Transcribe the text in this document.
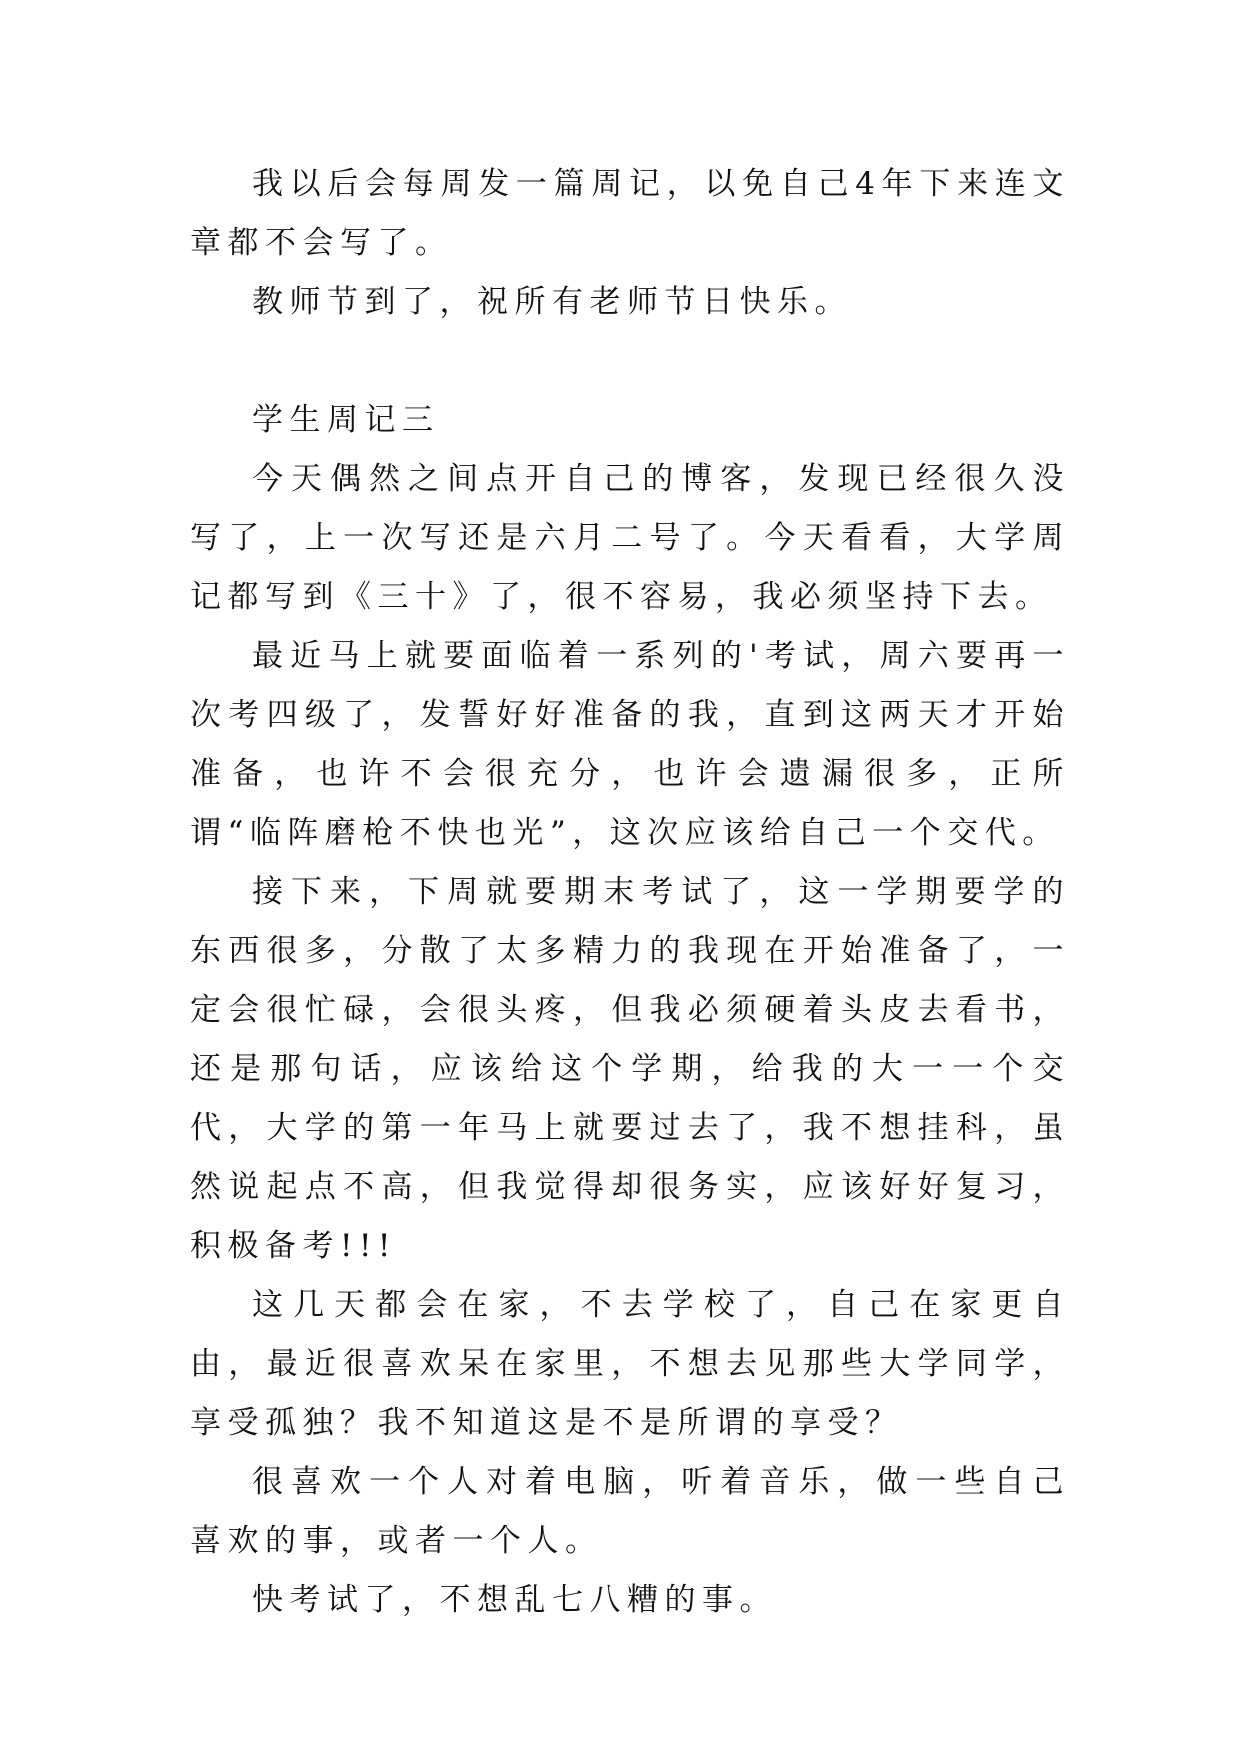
我以后会每周发一篇周记，以免自己4年下来连文章都不会写了。

教师节到了，祝所有老师节日快乐。

学生周记三

今天偶然之间点开自己的博客，发现已经很久没写了，上一次写还是六月二号了。今天看看，大学周记都写到《三十》了，很不容易，我必须坚持下去。

最近马上就要面临着一系列的'考试，周六要再一次考四级了，发誓好好准备的我，直到这两天才开始准备，也许不会很充分，也许会遗漏很多，正所谓“临阵磨枪不快也光”，这次应该给自己一个交代。

接下来，下周就要期末考试了，这一学期要学的东西很多，分散了太多精力的我现在开始准备了，一定会很忙碌，会很头疼，但我必须硬着头皮去看书，还是那句话，应该给这个学期，给我的大一一个交代，大学的第一年马上就要过去了，我不想挂科，虽然说起点不高，但我觉得却很务实，应该好好复习，积极备考!!!

这几天都会在家，不去学校了，自己在家更自由，最近很喜欢呆在家里，不想去见那些大学同学，享受孤独？我不知道这是不是所谓的享受？

很喜欢一个人对着电脑，听着音乐，做一些自己喜欢的事，或者一个人。

快考试了，不想乱七八糟的事。
